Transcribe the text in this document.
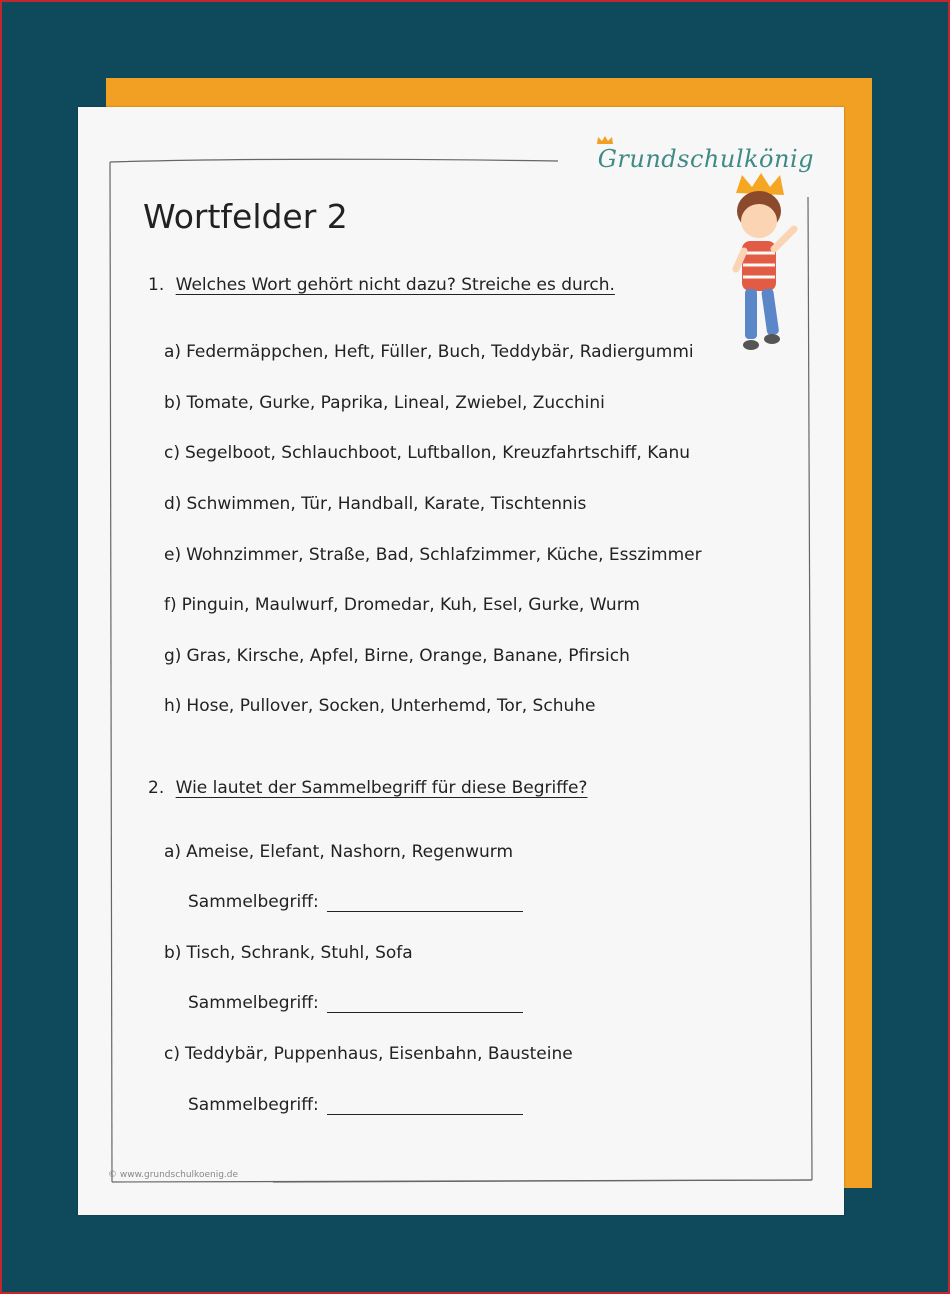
Grundschulkönig
Wortfelder 2
1. Welches Wort gehört nicht dazu? Streiche es durch.
a) Federmäppchen, Heft, Füller, Buch, Teddybär, Radiergummi
b) Tomate, Gurke, Paprika, Lineal, Zwiebel, Zucchini
c) Segelboot, Schlauchboot, Luftballon, Kreuzfahrtschiff, Kanu
d) Schwimmen, Tür, Handball, Karate, Tischtennis
e) Wohnzimmer, Straße, Bad, Schlafzimmer, Küche, Esszimmer
f) Pinguin, Maulwurf, Dromedar, Kuh, Esel, Gurke, Wurm
g) Gras, Kirsche, Apfel, Birne, Orange, Banane, Pfirsich
h) Hose, Pullover, Socken, Unterhemd, Tor, Schuhe
2. Wie lautet der Sammelbegriff für diese Begriffe?
a) Ameise, Elefant, Nashorn, Regenwurm
Sammelbegriff:
b) Tisch, Schrank, Stuhl, Sofa
Sammelbegriff:
c) Teddybär, Puppenhaus, Eisenbahn, Bausteine
Sammelbegriff:
© www.grundschulkoenig.de
